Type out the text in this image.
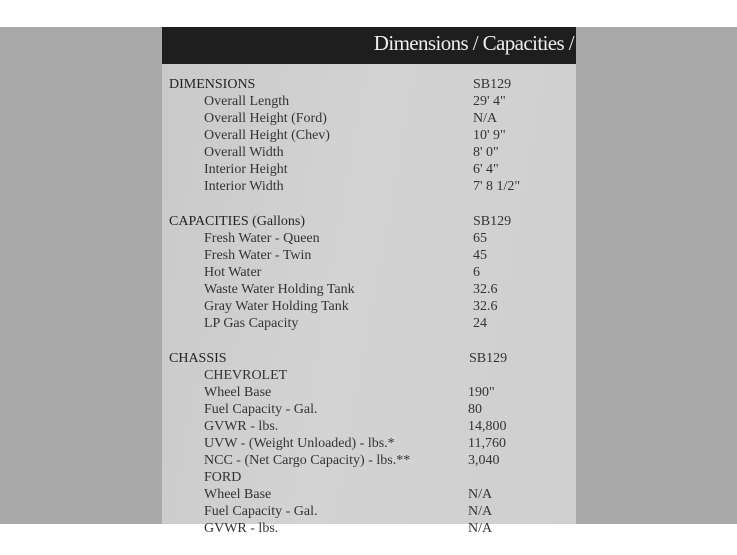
Dimensions / Capacities /
DIMENSIONS	SB129
Overall Length	29' 4"
Overall Height (Ford)	N/A
Overall Height (Chev)	10' 9"
Overall Width	8' 0"
Interior Height	6' 4"
Interior Width	7' 8 1/2"
CAPACITIES (Gallons)	SB129
Fresh Water - Queen	65
Fresh Water - Twin	45
Hot Water	6
Waste Water Holding Tank	32.6
Gray Water Holding Tank	32.6
LP Gas Capacity	24
CHASSIS	SB129
CHEVROLET
Wheel Base	190"
Fuel Capacity - Gal.	80
GVWR - lbs.	14,800
UVW - (Weight Unloaded) - lbs.*	11,760
NCC - (Net Cargo Capacity) - lbs.**	3,040
FORD
Wheel Base	N/A
Fuel Capacity - Gal.	N/A
GVWR - lbs.	N/A
